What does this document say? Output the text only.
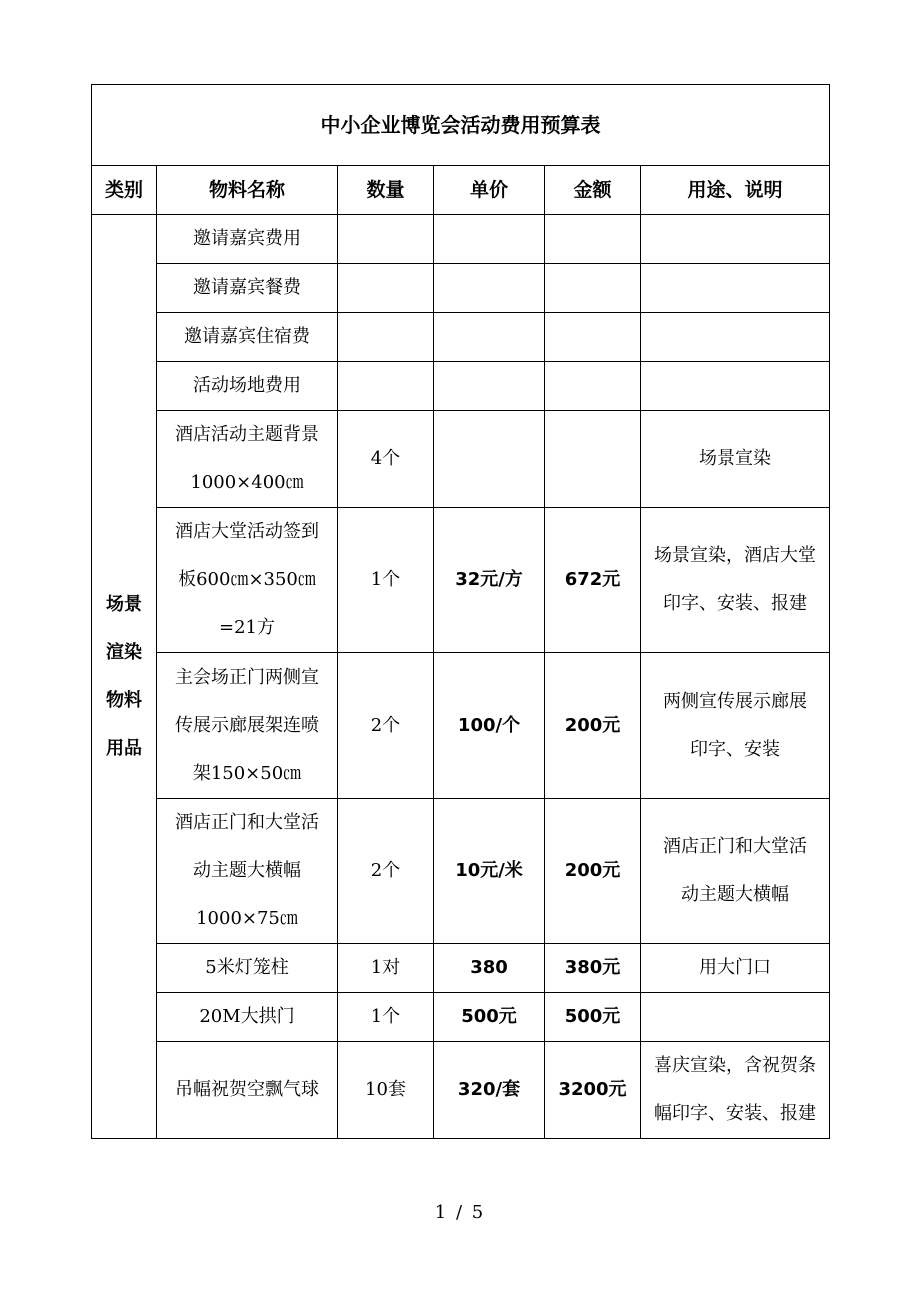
中小企业博览会活动费用预算表					
类别	物料名称	数量	单价	金额	用途、说明

场景
渲染
物料
用品	邀请嘉宾费用				

	邀请嘉宾餐费				

	邀请嘉宾住宿费				

	活动场地费用				

	酒店活动主题背景
1000×400㎝	4个			场景宣染

	酒店大堂活动签到
板600㎝×350㎝
=21方	1个	32元/方	672元	场景宣染，酒店大堂
印字、安装、报建

	主会场正门两侧宣
传展示廊展架连喷
架150×50㎝	2个	100/个	200元	两侧宣传展示廊展
印字、安装

	酒店正门和大堂活
动主题大横幅
1000×75㎝	2个	10元/米	200元	酒店正门和大堂活
动主题大横幅

	5米灯笼柱	1对	380	380元	用大门口

	20M大拱门	1个	500元	500元	

	吊幅祝贺空飘气球	10套	320/套	3200元	喜庆宣染，含祝贺条
幅印字、安装、报建
1 / 5
